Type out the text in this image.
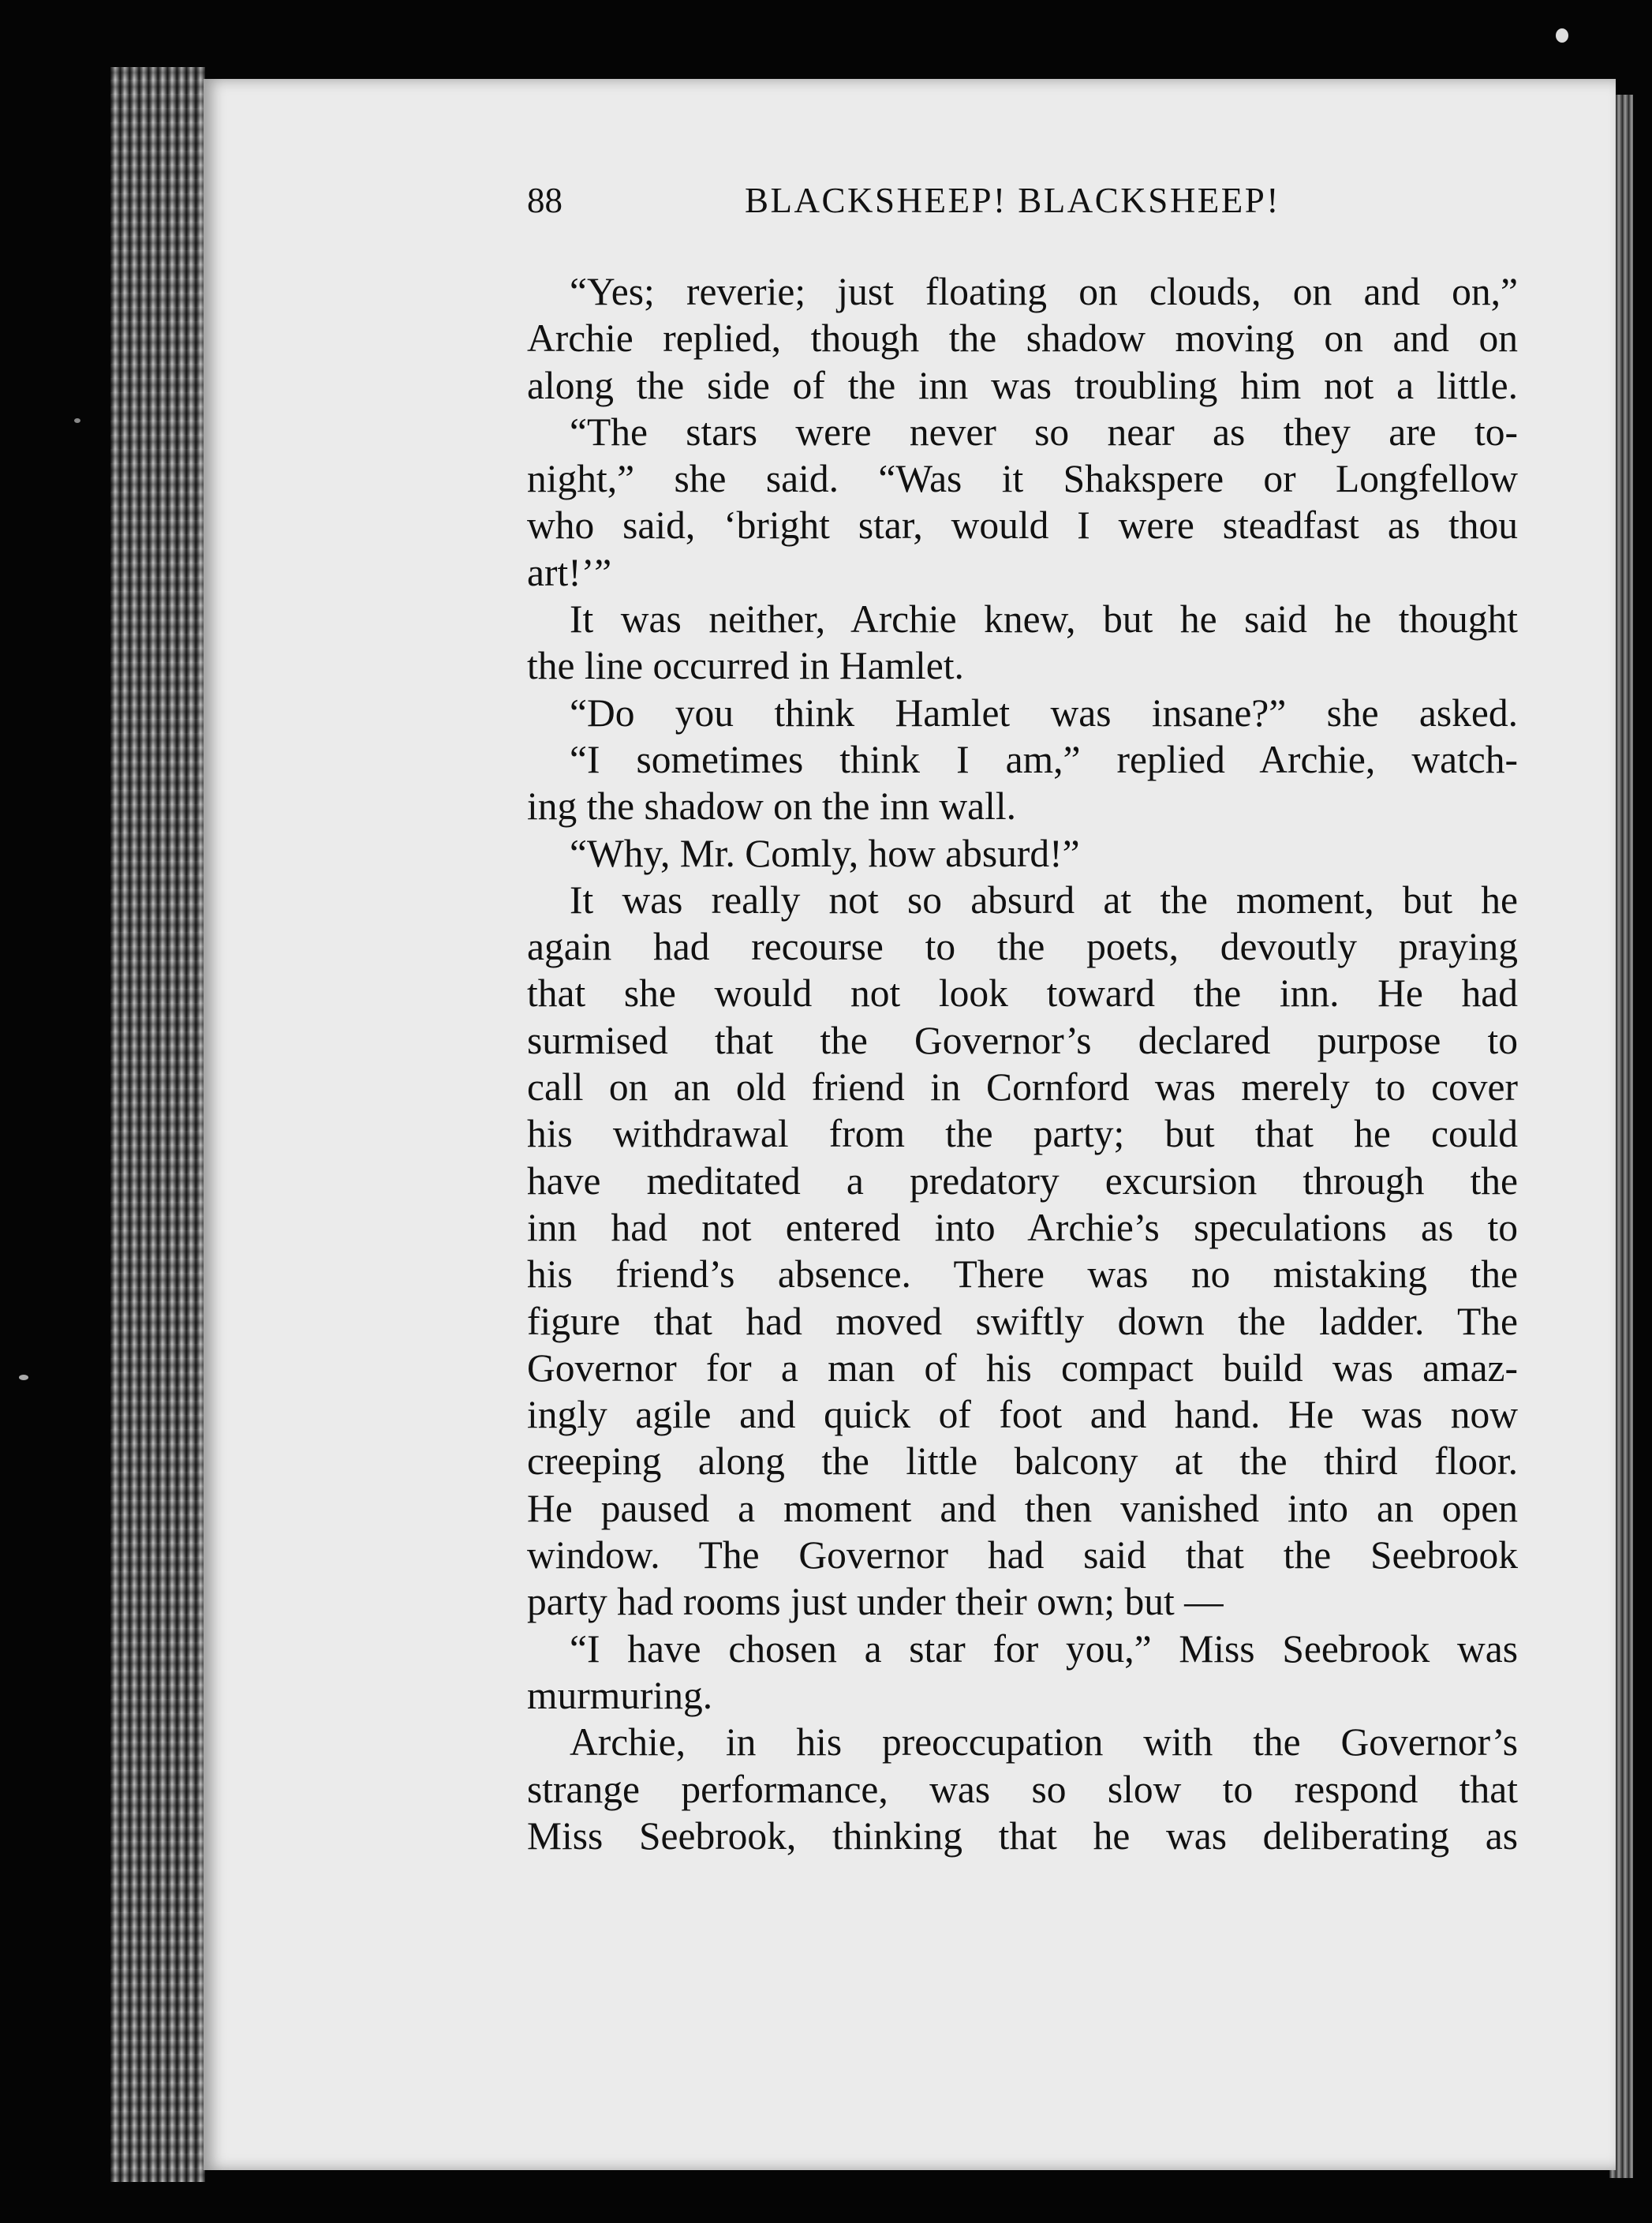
88	BLACKSHEEP! BLACKSHEEP!
“Yes; reverie; just floating on clouds, on and on,”
Archie replied, though the shadow moving on and on
along the side of the inn was troubling him not a little.
“The stars were never so near as they are to-
night,” she said. “Was it Shakspere or Longfellow
who said, ‘bright star, would I were steadfast as thou
art!’”
It was neither, Archie knew, but he said he thought
the line occurred in Hamlet.
“Do you think Hamlet was insane?” she asked.
“I sometimes think I am,” replied Archie, watch-
ing the shadow on the inn wall.
“Why, Mr. Comly, how absurd!”
It was really not so absurd at the moment, but he
again had recourse to the poets, devoutly praying
that she would not look toward the inn. He had
surmised that the Governor’s declared purpose to
call on an old friend in Cornford was merely to cover
his withdrawal from the party; but that he could
have meditated a predatory excursion through the
inn had not entered into Archie’s speculations as to
his friend’s absence. There was no mistaking the
figure that had moved swiftly down the ladder. The
Governor for a man of his compact build was amaz-
ingly agile and quick of foot and hand. He was now
creeping along the little balcony at the third floor.
He paused a moment and then vanished into an open
window. The Governor had said that the Seebrook
party had rooms just under their own; but —
“I have chosen a star for you,” Miss Seebrook was
murmuring.
Archie, in his preoccupation with the Governor’s
strange performance, was so slow to respond that
Miss Seebrook, thinking that he was deliberating as
